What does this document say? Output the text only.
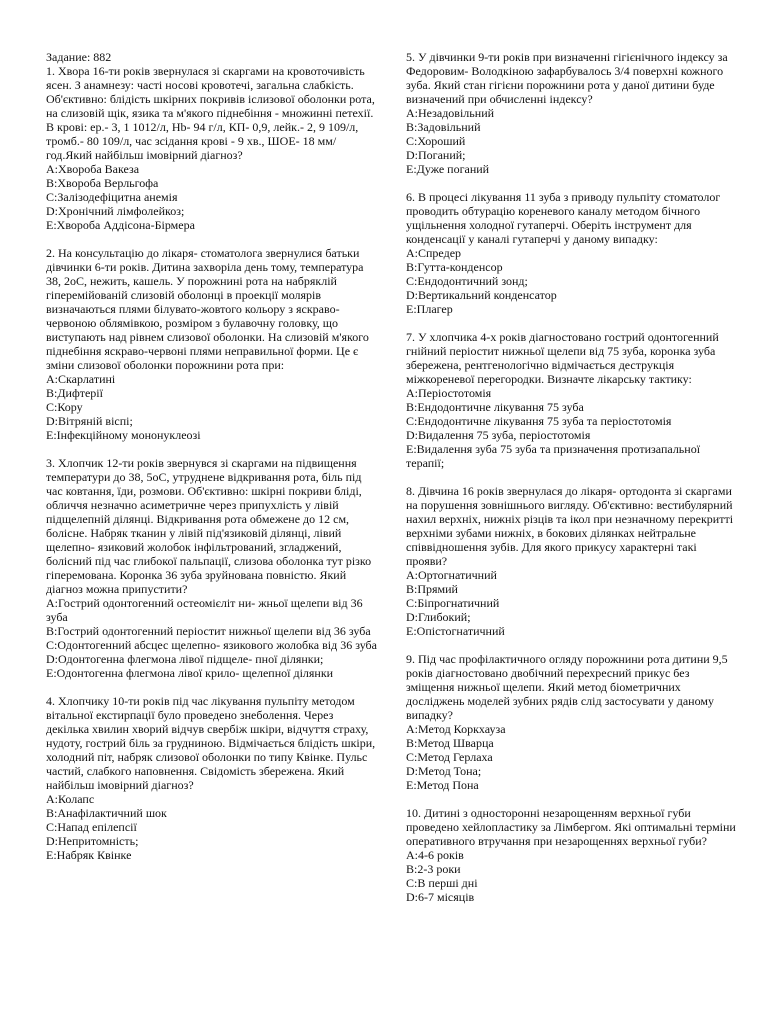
Задание: 882
1. Хвора 16-ти років звернулася зі скаргами на кровоточивість ясен. З анамнезу: часті носові кровотечі, загальна слабкість. Об'єктивно: блідість шкірних покривів іслизової оболонки рота, на слизовій щік, язика та м'якого піднебіння - множинні петехії. В крові: ер.- 3, 1 1012/л, Hb- 94 г/л, КП- 0,9, лейк.- 2, 9 109/л, тромб.- 80 109/л, час зсідання крові - 9 хв., ШОЕ- 18 мм/год.Який найбільш імовірний діагноз?
A:Хвороба Вакеза
B:Хвороба Верльгофа
C:Залізодефіцитна анемія
D:Хронічний лімфолейкоз;
E:Хвороба Аддісона-Бірмера
2. На консультацію до лікаря- стоматолога звернулися батьки дівчинки 6-ти років. Дитина захворіла день тому, температура 38, 2oС, нежить, кашель. У порожнині рота на набряклій гіперемійованій слизовій оболонці в проекції молярів визначаються плями білувато-жовтого кольору з яскраво-червоною облямівкою, розміром з булавочну головку, що виступають над рівнем слизової оболонки. На слизовій м'якого піднебіння яскраво-червоні плями неправильної форми. Це є зміни слизової оболонки порожнини рота при:
A:Скарлатині
B:Дифтерії
C:Кору
D:Вітряній віспі;
E:Інфекційному мононуклеозі
3. Хлопчик 12-ти років звернувся зі скаргами на підвищення температури до 38, 5oС, утруднене відкривання рота, біль під час ковтання, їди, розмови. Об'єктивно: шкірні покриви бліді, обличчя незначно асиметричне через припухлість у лівій підщелепній ділянці. Відкривання рота обмежене до 12 см, болісне. Набряк тканин у лівій під'язиковій ділянці, лівий щелепно- язиковий жолобок інфільтрований, згладжений, болісний під час глибокої пальпації, слизова оболонка тут різко гіперемована. Коронка 36 зуба зруйнована повністю. Який діагноз можна припустити?
A:Гострий одонтогенний остеомієліт ни- жньої щелепи від 36 зуба
B:Гострий одонтогенний періостит нижньої щелепи від 36 зуба
C:Одонтогенний абсцес щелепно- язикового жолобка від 36 зуба
D:Одонтогенна флегмона лівої підщеле- пної ділянки;
E:Одонтогенна флегмона лівої крило- щелепної ділянки
4. Хлопчику 10-ти років під час лікування пульпіту методом вітальної екстирпації було проведено знеболення. Через декілька хвилин хворий відчув свербіж шкіри, відчуття страху, нудоту, гострий біль за грудниною. Відмічається блідість шкіри, холодний піт, набряк слизової оболонки по типу Квінке. Пульс частий, слабкого наповнення. Свідомість збережена. Який найбільш імовірний діагноз?
A:Колапс
B:Анафілактичний шок
C:Напад епілепсії
D:Непритомність;
E:Набряк Квінке
5. У дівчинки 9-ти років при визначенні гігієнічного індексу за Федоровим- Володкіною зафарбувалось 3/4 поверхні кожного зуба. Який стан гігієни порожнини рота у даної дитини буде визначений при обчисленні індексу?
A:Незадовільний
B:Задовільний
C:Хороший
D:Поганий;
E:Дуже поганий
6. В процесі лікування 11 зуба з приводу пульпіту стоматолог проводить обтурацію кореневого каналу методом бічного ущільнення холодної гутаперчі. Оберіть інструмент для конденсації у каналі гутаперчі у даному випадку:
A:Спредер
B:Гутта-конденсор
C:Ендодонтичний зонд;
D:Вертикальний конденсатор
E:Плагер
7. У хлопчика 4-х років діагностовано гострий одонтогенний гнійний періостит нижньої щелепи від 75 зуба, коронка зуба збережена, рентгенологічно відмічається деструкція міжкореневої перегородки. Визначте лікарську тактику:
A:Періостотомія
B:Ендодонтичне лікування 75 зуба
C:Ендодонтичне лікування 75 зуба та періостотомія
D:Видалення 75 зуба, періостотомія
E:Видалення зуба 75 зуба та призначення протизапальної терапії;
8. Дівчина 16 років звернулася до лікаря- ортодонта зі скаргами на порушення зовнішнього вигляду. Об'єктивно: вестибулярний нахил верхніх, нижніх різців та ікол при незначному перекритті верхніми зубами нижніх, в бокових ділянках нейтральне співвідношення зубів. Для якого прикусу характерні такі прояви?
A:Ортогнатичний
B:Прямий
C:Біпрогнатичний
D:Глибокий;
E:Опістогнатичний
9. Під час профілактичного огляду порожнини рота дитини 9,5 років діагностовано двобічний перехресний прикус без зміщення нижньої щелепи. Який метод біометричних досліджень моделей зубних рядів слід застосувати у даному випадку?
A:Метод Коркхауза
B:Метод Шварца
C:Метод Герлаха
D:Метод Тона;
E:Метод Пона
10. Дитині з односторонні незарощенням верхньої губи проведено хейлопластику за Лімбергом. Які оптимальні терміни оперативного втручання при незарощеннях верхньої губи?
A:4-6 років
B:2-3 роки
C:В перші дні
D:6-7 місяців
